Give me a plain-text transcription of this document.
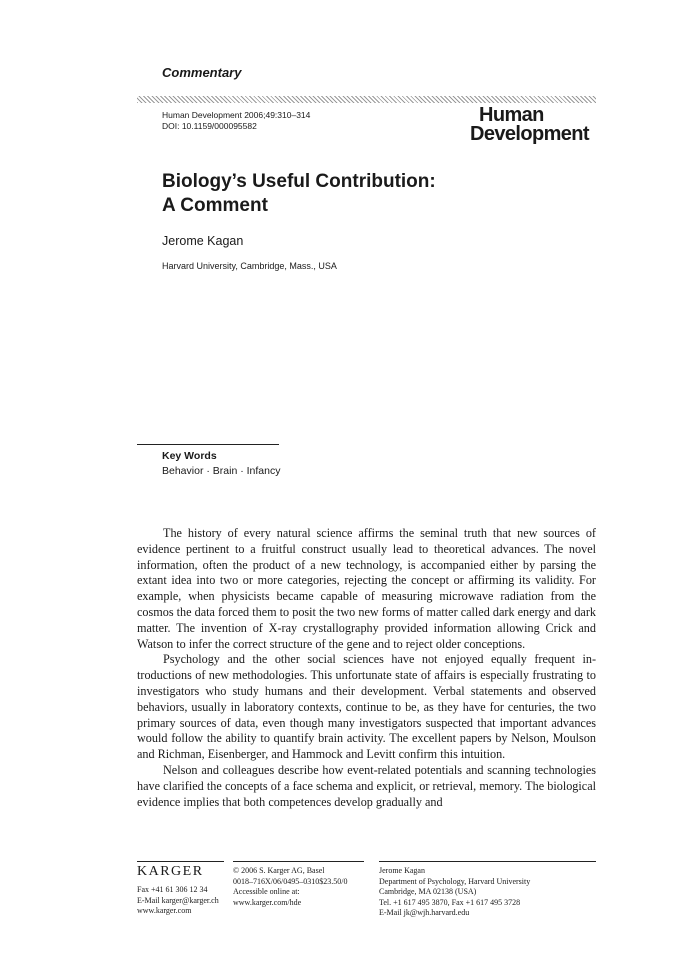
Commentary
Human Development 2006;49:310–314
DOI: 10.1159/000095582	Human
Development
Biology’s Useful Contribution:
A Comment
Jerome Kagan
Harvard University, Cambridge, Mass., USA
Key Words
Behavior · Brain · Infancy

The history of every natural science affirms the seminal truth that new sources of evidence pertinent to a fruitful construct usually lead to theoretical advances. The novel information, often the product of a new technology, is accompanied either by parsing the extant idea into two or more categories, rejecting the concept or affirming its validity. For example, when physicists became capable of measuring microwave radiation from the cosmos the data forced them to posit the two new forms of matter called dark energy and dark matter. The invention of X-ray crystallography provided information allowing Crick and Watson to infer the correct structure of the gene and to reject older conceptions.

Psychology and the other social sciences have not enjoyed equally frequent introductions of new methodologies. This unfortunate state of affairs is especially frustrating to investigators who study humans and their development. Verbal statements and observed behaviors, usually in laboratory contexts, continue to be, as they have for centuries, the two primary sources of data, even though many investigators suspected that important advances would follow the ability to quantify brain activity. The excellent papers by Nelson, Moulson and Richman, Eisenberger, and Hammock and Levitt confirm this intuition.

Nelson and colleagues describe how event-related potentials and scanning technologies have clarified the concepts of a face schema and explicit, or retrieval, memory. The biological evidence implies that both competences develop gradually and

KARGER
Fax +41 61 306 12 34
E-Mail karger@karger.ch
www.karger.com
© 2006 S. Karger AG, Basel
0018–716X/06/0495–0310$23.50/0
Accessible online at:
www.karger.com/hde
Jerome Kagan
Department of Psychology, Harvard University
Cambridge, MA 02138 (USA)
Tel. +1 617 495 3870, Fax +1 617 495 3728
E-Mail jk@wjh.harvard.edu
